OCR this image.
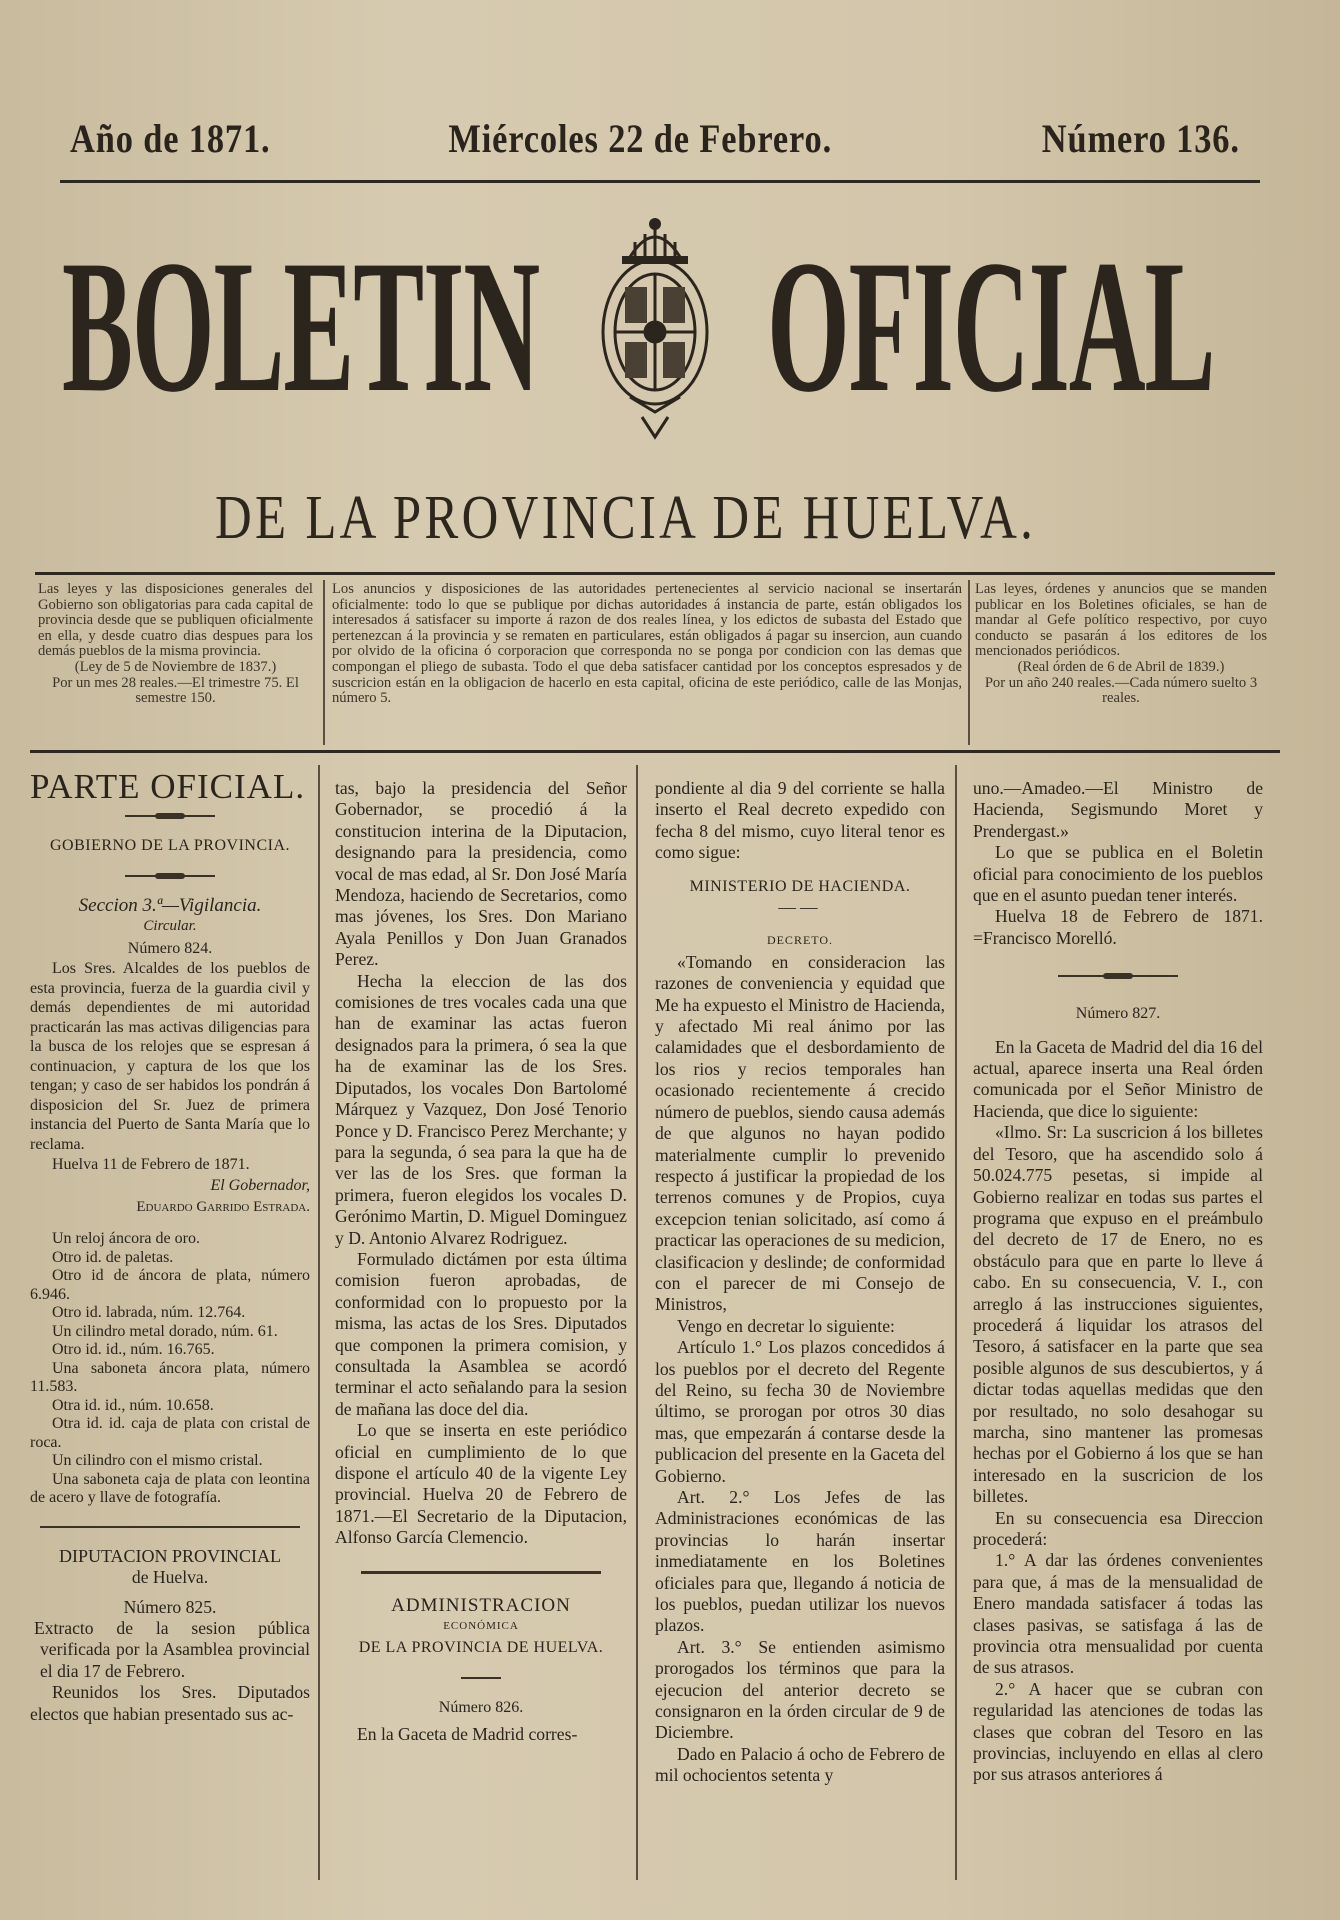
Año de 1871.	Miércoles 22 de Febrero.	Número 136.
BOLETIN OFICIAL
DE LA PROVINCIA DE HUELVA.

Las leyes y las disposiciones generales del Gobierno son obligatorias para cada capital de provincia desde que se publiquen oficialmente en ella, y desde cuatro dias despues para los demás pueblos de la misma provincia.

(Ley de 5 de Noviembre de 1837.)

Por un mes 28 reales.—El trimestre 75. El semestre 150.

Los anuncios y disposiciones de las autoridades pertenecientes al servicio nacional se insertarán oficialmente: todo lo que se publique por dichas autoridades á instancia de parte, están obligados los interesados á satisfacer su importe á razon de dos reales línea, y los edictos de subasta del Estado que pertenezcan á la provincia y se rematen en particulares, están obligados á pagar su insercion, aun cuando por olvido de la oficina ó corporacion que corresponda no se ponga por condicion con las demas que compongan el pliego de subasta. Todo el que deba satisfacer cantidad por los conceptos espresados y de suscricion están en la obligacion de hacerlo en esta capital, oficina de este periódico, calle de las Monjas, número 5.

Las leyes, órdenes y anuncios que se manden publicar en los Boletines oficiales, se han de mandar al Gefe político respectivo, por cuyo conducto se pasarán á los editores de los mencionados periódicos.

(Real órden de 6 de Abril de 1839.)

Por un año 240 reales.—Cada número suelto 3 reales.

PARTE OFICIAL.

GOBIERNO DE LA PROVINCIA.

Seccion 3.ª—Vigilancia.

Circular.

Número 824.

Los Sres. Alcaldes de los pueblos de esta provincia, fuerza de la guardia civil y demás dependientes de mi autoridad practicarán las mas activas diligencias para la busca de los relojes que se espresan á continuacion, y captura de los que los tengan; y caso de ser habidos los pondrán á disposicion del Sr. Juez de primera instancia del Puerto de Santa María que lo reclama.

Huelva 11 de Febrero de 1871.

El Gobernador,

Eduardo Garrido Estrada.

Un reloj áncora de oro.

Otro id. de paletas.

Otro id de áncora de plata, número 6.946.

Otro id. labrada, núm. 12.764.

Un cilindro metal dorado, núm. 61.

Otro id. id., núm. 16.765.

Una saboneta áncora plata, número 11.583.

Otra id. id., núm. 10.658.

Otra id. id. caja de plata con cristal de roca.

Un cilindro con el mismo cristal.

Una saboneta caja de plata con leontina de acero y llave de fotografía.

DIPUTACION PROVINCIAL

de Huelva.

Número 825.

Extracto de la sesion pública verificada por la Asamblea provincial el dia 17 de Febrero.

Reunidos los Sres. Diputados electos que habian presentado sus ac-

tas, bajo la presidencia del Señor Gobernador, se procedió á la constitucion interina de la Diputacion, designando para la presidencia, como vocal de mas edad, al Sr. Don José María Mendoza, haciendo de Secretarios, como mas jóvenes, los Sres. Don Mariano Ayala Penillos y Don Juan Granados Perez.

Hecha la eleccion de las dos comisiones de tres vocales cada una que han de examinar las actas fueron designados para la primera, ó sea la que ha de examinar las de los Sres. Diputados, los vocales Don Bartolomé Márquez y Vazquez, Don José Tenorio Ponce y D. Francisco Perez Merchante; y para la segunda, ó sea para la que ha de ver las de los Sres. que forman la primera, fueron elegidos los vocales D. Gerónimo Martin, D. Miguel Dominguez y D. Antonio Alvarez Rodriguez.

Formulado dictámen por esta última comision fueron aprobadas, de conformidad con lo propuesto por la misma, las actas de los Sres. Diputados que componen la primera comision, y consultada la Asamblea se acordó terminar el acto señalando para la sesion de mañana las doce del dia.

Lo que se inserta en este periódico oficial en cumplimiento de lo que dispone el artículo 40 de la vigente Ley provincial. Huelva 20 de Febrero de 1871.—El Secretario de la Diputacion, Alfonso García Clemencio.

ADMINISTRACION

ECONÓMICA

DE LA PROVINCIA DE HUELVA.

Número 826.

En la Gaceta de Madrid corres-

pondiente al dia 9 del corriente se halla inserto el Real decreto expedido con fecha 8 del mismo, cuyo literal tenor es como sigue:

MINISTERIO DE HACIENDA.

——

DECRETO.

«Tomando en consideracion las razones de conveniencia y equidad que Me ha expuesto el Ministro de Hacienda, y afectado Mi real ánimo por las calamidades que el desbordamiento de los rios y recios temporales han ocasionado recientemente á crecido número de pueblos, siendo causa además de que algunos no hayan podido materialmente cumplir lo prevenido respecto á justificar la propiedad de los terrenos comunes y de Propios, cuya excepcion tenian solicitado, así como á practicar las operaciones de su medicion, clasificacion y deslinde; de conformidad con el parecer de mi Consejo de Ministros,

Vengo en decretar lo siguiente:

Artículo 1.° Los plazos concedidos á los pueblos por el decreto del Regente del Reino, su fecha 30 de Noviembre último, se prorogan por otros 30 dias mas, que empezarán á contarse desde la publicacion del presente en la Gaceta del Gobierno.

Art. 2.° Los Jefes de las Administraciones económicas de las provincias lo harán insertar inmediatamente en los Boletines oficiales para que, llegando á noticia de los pueblos, puedan utilizar los nuevos plazos.

Art. 3.° Se entienden asimismo prorogados los términos que para la ejecucion del anterior decreto se consignaron en la órden circular de 9 de Diciembre.

Dado en Palacio á ocho de Febrero de mil ochocientos setenta y

uno.—Amadeo.—El Ministro de Hacienda, Segismundo Moret y Prendergast.»

Lo que se publica en el Boletin oficial para conocimiento de los pueblos que en el asunto puedan tener interés.

Huelva 18 de Febrero de 1871. =Francisco Morelló.

Número 827.

En la Gaceta de Madrid del dia 16 del actual, aparece inserta una Real órden comunicada por el Señor Ministro de Hacienda, que dice lo siguiente:

«Ilmo. Sr: La suscricion á los billetes del Tesoro, que ha ascendido solo á 50.024.775 pesetas, si impide al Gobierno realizar en todas sus partes el programa que expuso en el preámbulo del decreto de 17 de Enero, no es obstáculo para que en parte lo lleve á cabo. En su consecuencia, V. I., con arreglo á las instrucciones siguientes, procederá á liquidar los atrasos del Tesoro, á satisfacer en la parte que sea posible algunos de sus descubiertos, y á dictar todas aquellas medidas que den por resultado, no solo desahogar su marcha, sino mantener las promesas hechas por el Gobierno á los que se han interesado en la suscricion de los billetes.

En su consecuencia esa Direccion procederá:

1.° A dar las órdenes convenientes para que, á mas de la mensualidad de Enero mandada satisfacer á todas las clases pasivas, se satisfaga á las de provincia otra mensualidad por cuenta de sus atrasos.

2.° A hacer que se cubran con regularidad las atenciones de todas las clases que cobran del Tesoro en las provincias, incluyendo en ellas al clero por sus atrasos anteriores á
